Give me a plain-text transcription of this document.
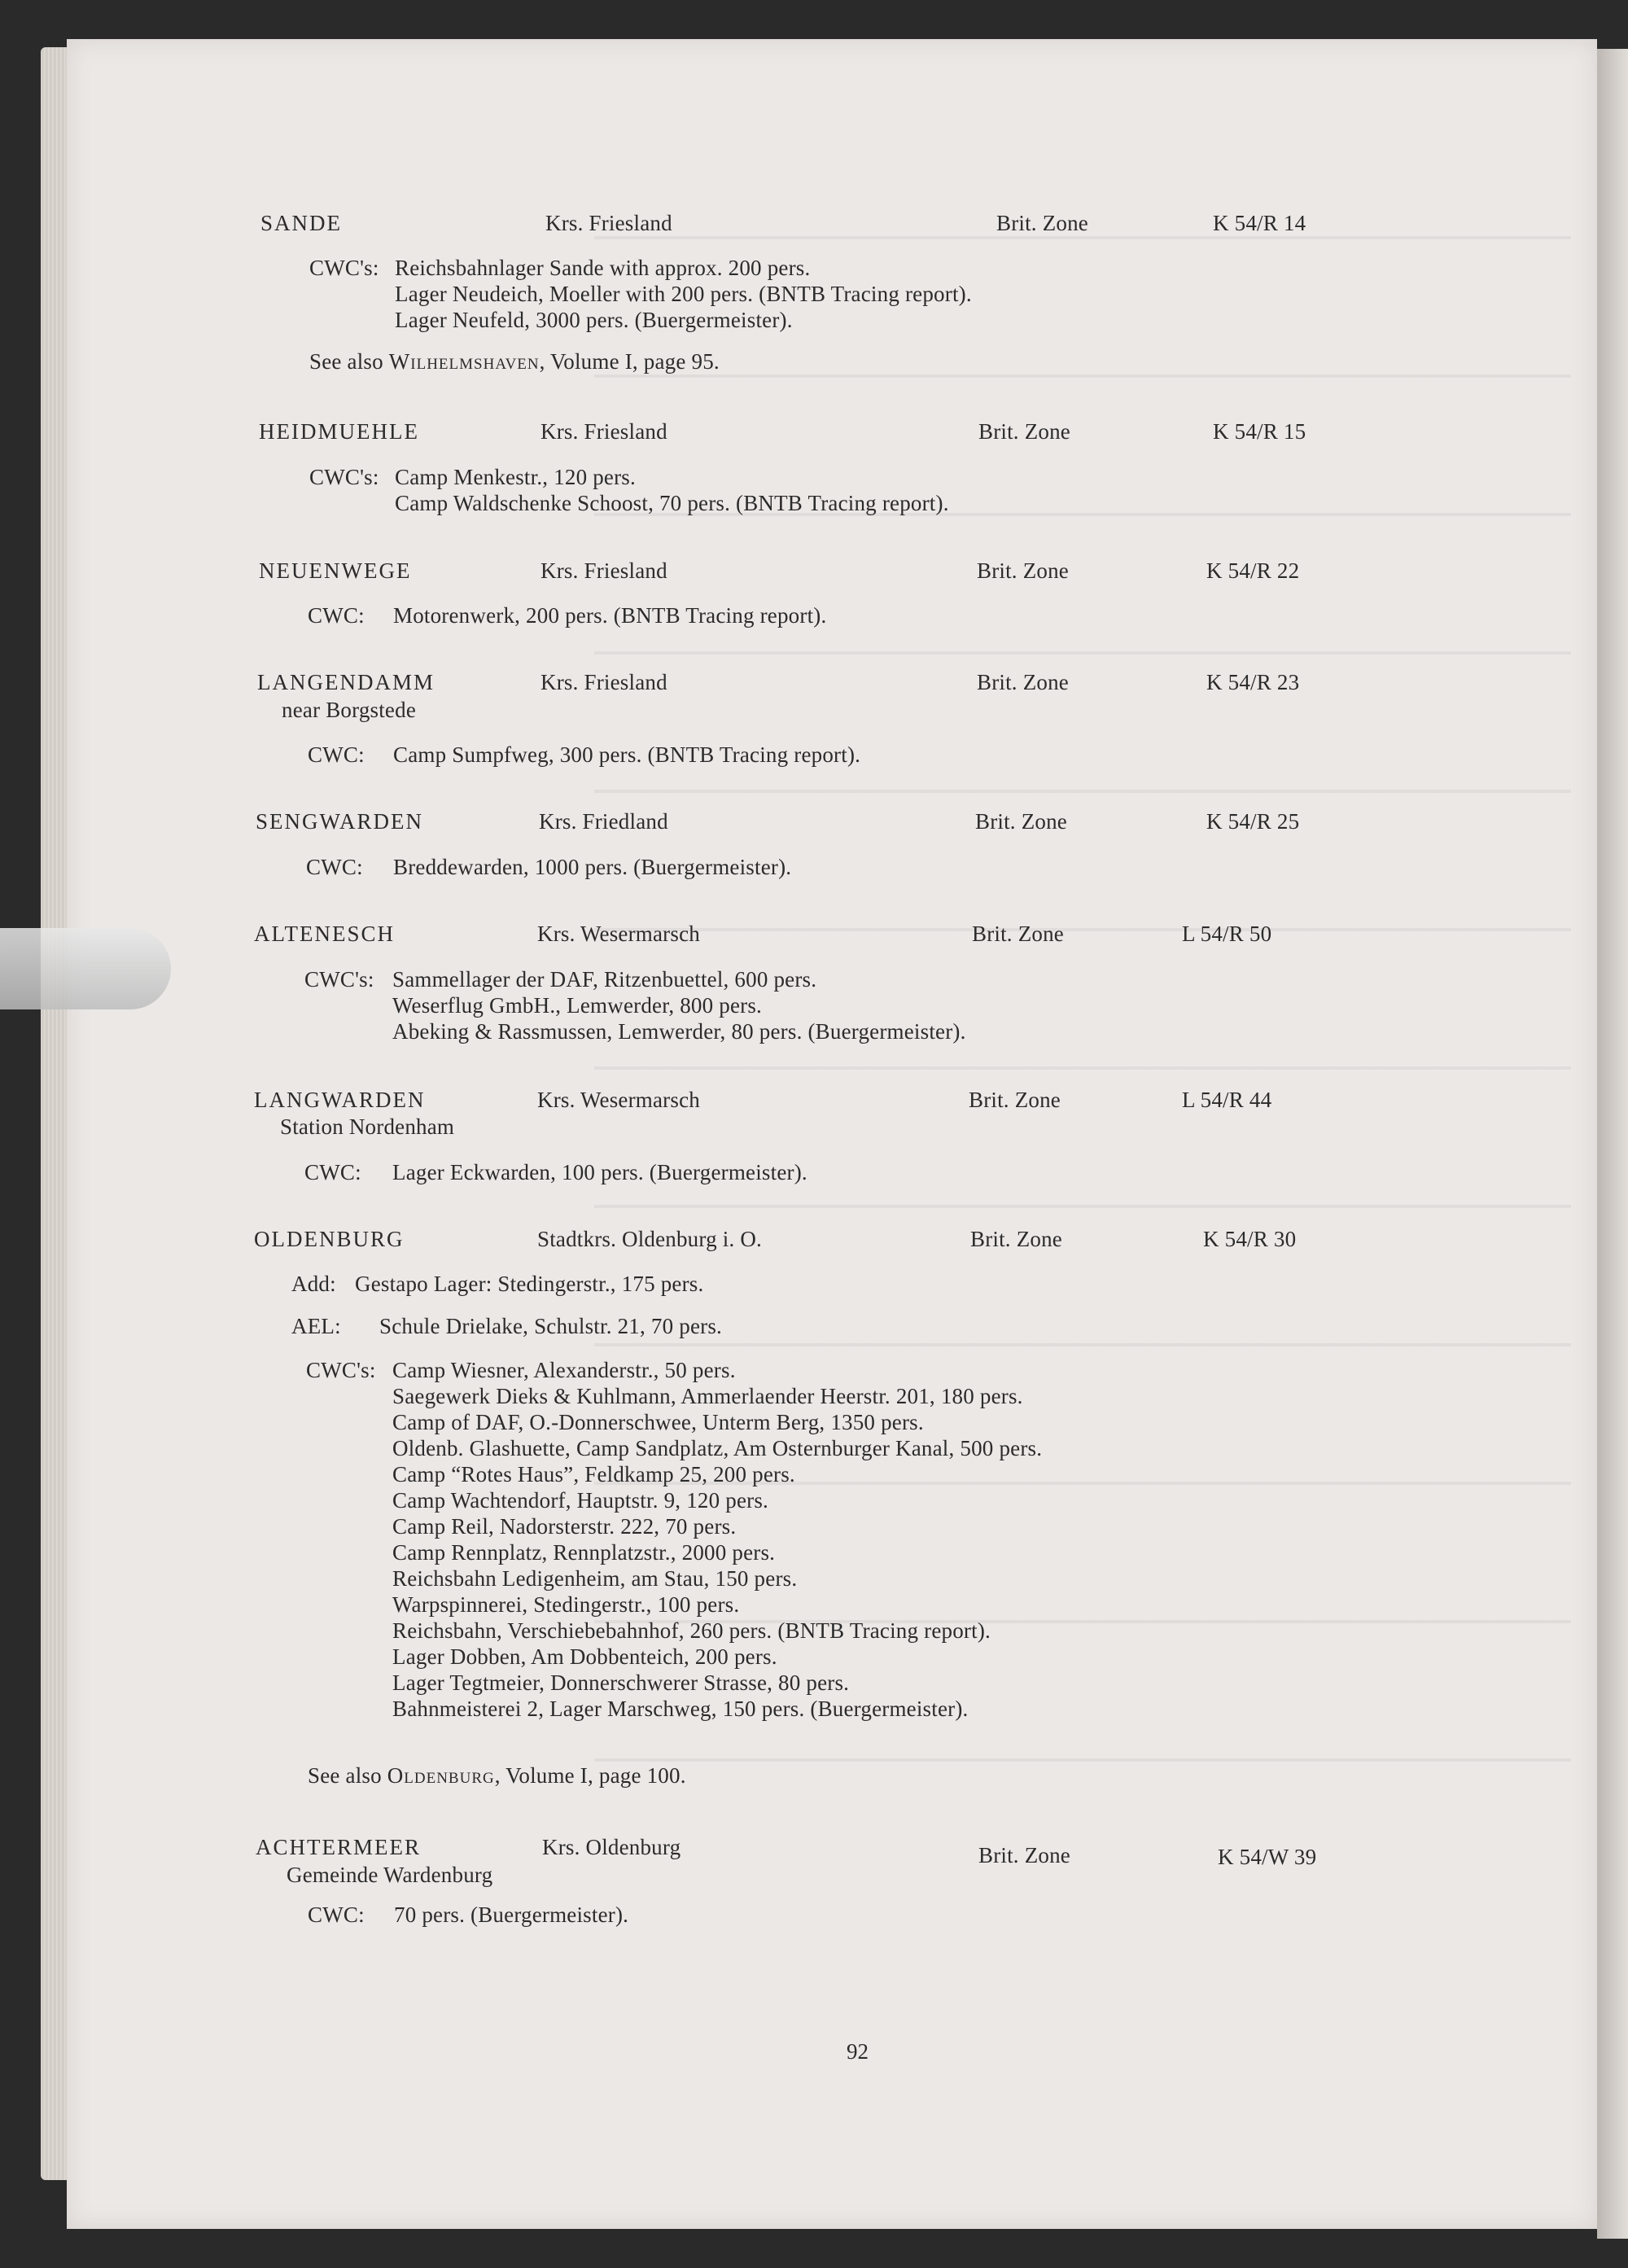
SANDE	Krs. Friesland	Brit. Zone	K 54/R 14
CWC's: Reichsbahnlager Sande with approx. 200 pers.
Lager Neudeich, Moeller with 200 pers. (BNTB Tracing report).
Lager Neufeld, 3000 pers. (Buergermeister).
See also Wilhelmshaven, Volume I, page 95.
HEIDMUEHLE	Krs. Friesland	Brit. Zone	K 54/R 15
CWC's: Camp Menkestr., 120 pers.
Camp Waldschenke Schoost, 70 pers. (BNTB Tracing report).
NEUENWEGE	Krs. Friesland	Brit. Zone	K 54/R 22
CWC: Motorenwerk, 200 pers. (BNTB Tracing report).
LANGENDAMM	Krs. Friesland	Brit. Zone	K 54/R 23
near Borgstede
CWC: Camp Sumpfweg, 300 pers. (BNTB Tracing report).
SENGWARDEN	Krs. Friedland	Brit. Zone	K 54/R 25
CWC: Breddewarden, 1000 pers. (Buergermeister).
ALTENESCH	Krs. Wesermarsch	Brit. Zone	L 54/R 50
CWC's: Sammellager der DAF, Ritzenbuettel, 600 pers.
Weserflug GmbH., Lemwerder, 800 pers.
Abeking & Rassmussen, Lemwerder, 80 pers. (Buergermeister).
LANGWARDEN	Krs. Wesermarsch	Brit. Zone	L 54/R 44
Station Nordenham
CWC: Lager Eckwarden, 100 pers. (Buergermeister).
OLDENBURG	Stadtkrs. Oldenburg i. O.	Brit. Zone	K 54/R 30
Add: Gestapo Lager: Stedingerstr., 175 pers.
AEL: Schule Drielake, Schulstr. 21, 70 pers.
CWC's: Camp Wiesner, Alexanderstr., 50 pers.
Saegewerk Dieks & Kuhlmann, Ammerlaender Heerstr. 201, 180 pers.
Camp of DAF, O.-Donnerschwee, Unterm Berg, 1350 pers.
Oldenb. Glashuette, Camp Sandplatz, Am Osternburger Kanal, 500 pers.
Camp “Rotes Haus”, Feldkamp 25, 200 pers.
Camp Wachtendorf, Hauptstr. 9, 120 pers.
Camp Reil, Nadorsterstr. 222, 70 pers.
Camp Rennplatz, Rennplatzstr., 2000 pers.
Reichsbahn Ledigenheim, am Stau, 150 pers.
Warpspinnerei, Stedingerstr., 100 pers.
Reichsbahn, Verschiebebahnhof, 260 pers. (BNTB Tracing report).
Lager Dobben, Am Dobbenteich, 200 pers.
Lager Tegtmeier, Donnerschwerer Strasse, 80 pers.
Bahnmeisterei 2, Lager Marschweg, 150 pers. (Buergermeister).
See also Oldenburg, Volume I, page 100.
ACHTERMEER	Krs. Oldenburg	Brit. Zone	K 54/W 39
Gemeinde Wardenburg
CWC: 70 pers. (Buergermeister).
92
